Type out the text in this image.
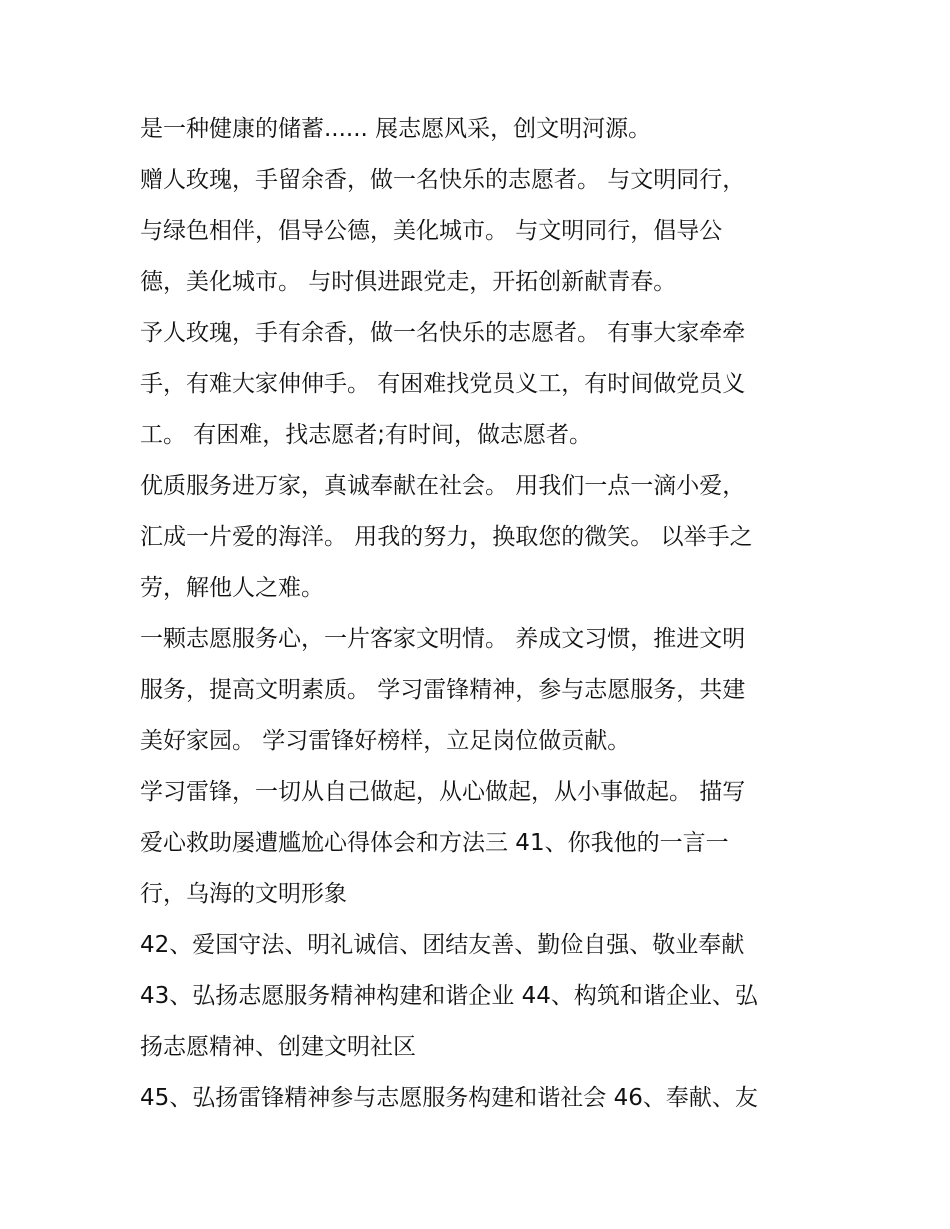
是一种健康的储蓄...... 展志愿风采，创文明河源。
赠人玫瑰，手留余香，做一名快乐的志愿者。 与文明同行，
与绿色相伴，倡导公德，美化城市。 与文明同行，倡导公
德，美化城市。 与时俱进跟党走，开拓创新献青春。
予人玫瑰，手有余香，做一名快乐的志愿者。 有事大家牵牵
手，有难大家伸伸手。 有困难找党员义工，有时间做党员义
工。 有困难，找志愿者;有时间，做志愿者。
优质服务进万家，真诚奉献在社会。 用我们一点一滴小爱，
汇成一片爱的海洋。 用我的努力，换取您的微笑。 以举手之
劳，解他人之难。
一颗志愿服务心，一片客家文明情。 养成文习惯，推进文明
服务，提高文明素质。 学习雷锋精神，参与志愿服务，共建
美好家园。 学习雷锋好榜样，立足岗位做贡献。
学习雷锋，一切从自己做起，从心做起，从小事做起。 描写
爱心救助屡遭尴尬心得体会和方法三 41、你我他的一言一
行，乌海的文明形象
42、爱国守法、明礼诚信、团结友善、勤俭自强、敬业奉献
43、弘扬志愿服务精神构建和谐企业 44、构筑和谐企业、弘
扬志愿精神、创建文明社区
45、弘扬雷锋精神参与志愿服务构建和谐社会 46、奉献、友
